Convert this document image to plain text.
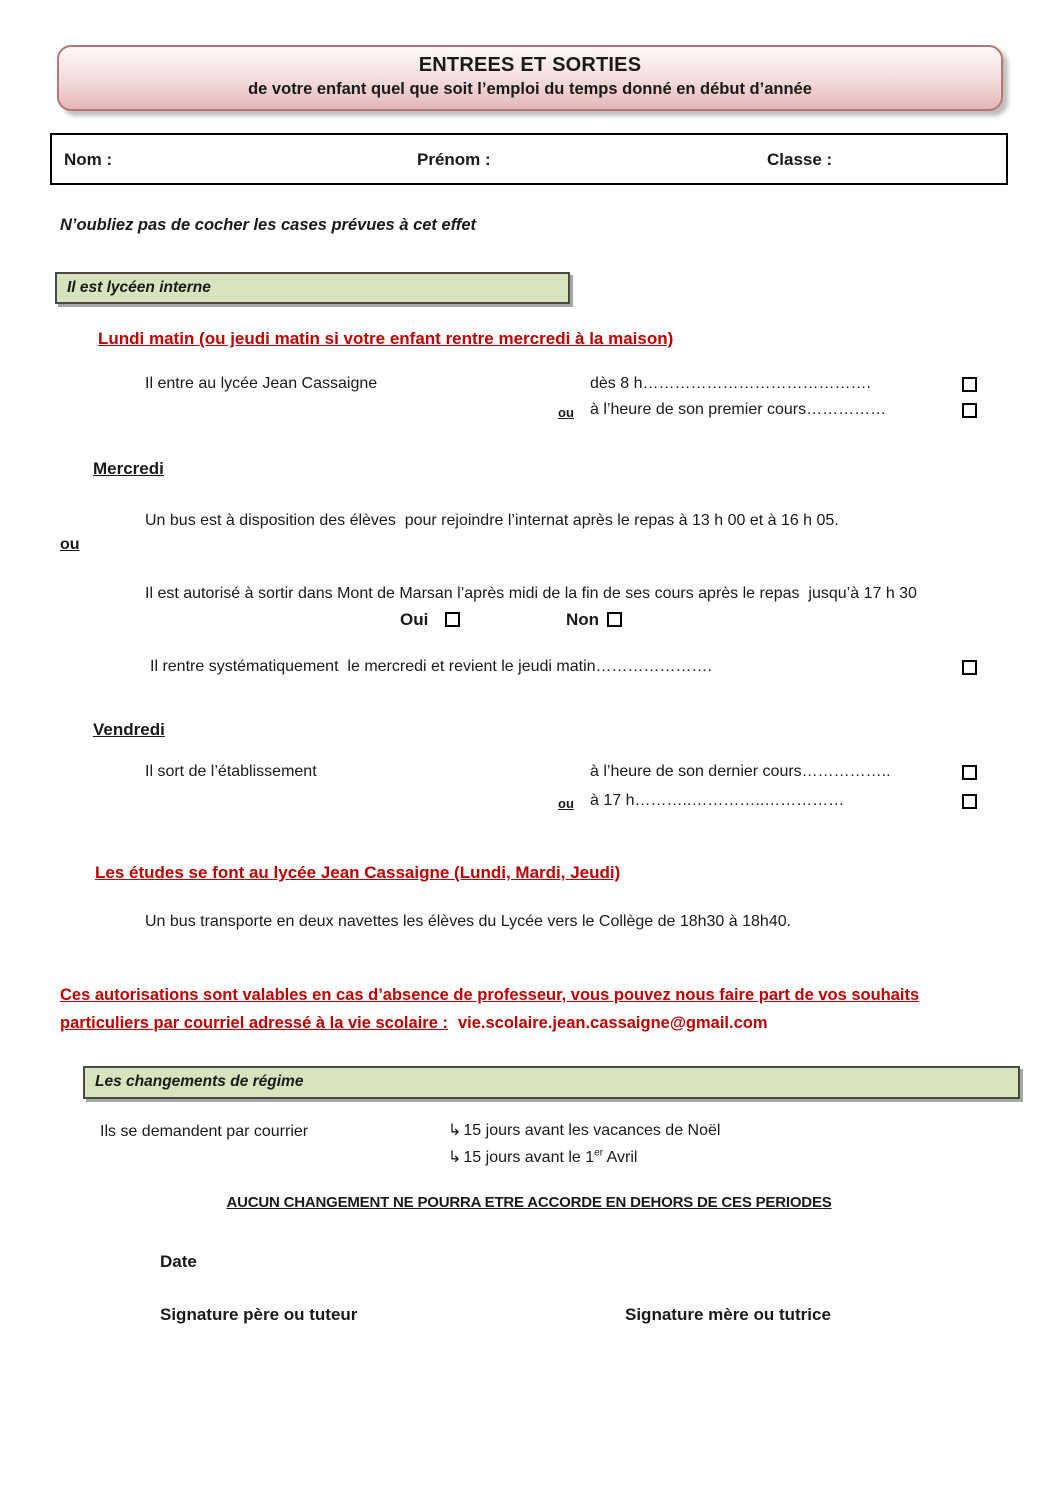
ENTREES ET SORTIES
de votre enfant quel que soit l’emploi du temps donné en début d’année
Nom :	Prénom :	Classe :
N’oubliez pas de cocher les cases prévues à cet effet
Il est lycéen interne
Lundi matin (ou jeudi matin si votre enfant rentre mercredi à la maison)
Il entre au lycée Jean Cassaigne	dès 8 h…………………………………….
ou à l’heure de son premier cours……………
Mercredi
Un bus est à disposition des élèves  pour rejoindre l’internat après le repas à 13 h 00 et à 16 h 05.
ou
Il est autorisé à sortir dans Mont de Marsan l’après midi de la fin de ses cours après le repas  jusqu’à 17 h 30
Oui	Non
Il rentre systématiquement  le mercredi et revient le jeudi matin………………….
Vendredi
Il sort de l’établissement	à l’heure de son dernier cours……………..
ou à 17 h………..…………..……………
Les études se font au lycée Jean Cassaigne (Lundi, Mardi, Jeudi)
Un bus transporte en deux navettes les élèves du Lycée vers le Collège de 18h30 à 18h40.
Ces autorisations sont valables en cas d’absence de professeur, vous pouvez nous faire part de vos souhaits
particuliers par courriel adressé à la vie scolaire : vie.scolaire.jean.cassaigne@gmail.com
Les changements de régime
Ils se demandent par courrier	↳ 15 jours avant les vacances de Noël
↳ 15 jours avant le 1er Avril
AUCUN CHANGEMENT NE POURRA ETRE ACCORDE EN DEHORS DE CES PERIODES
Date
Signature père ou tuteur	Signature mère ou tutrice
